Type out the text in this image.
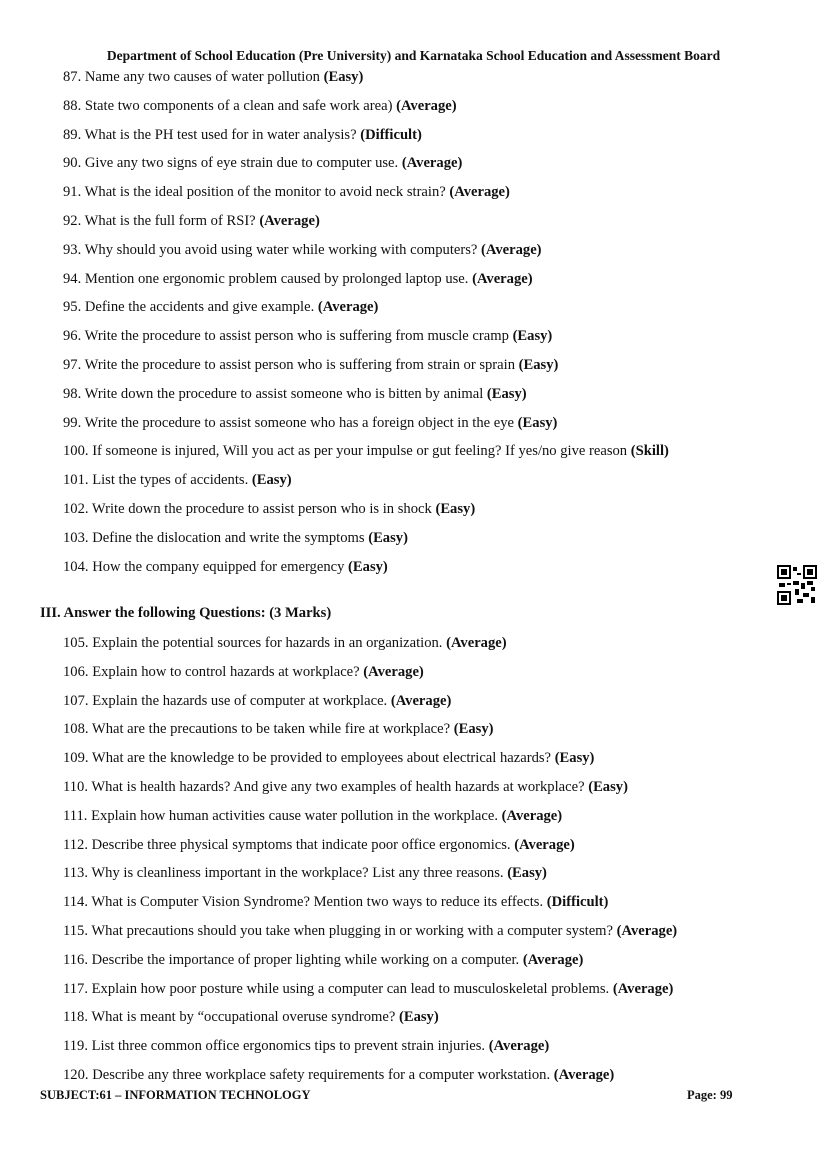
Department of School Education (Pre University) and Karnataka School Education and Assessment Board
87. Name any two causes of water pollution (Easy)
88. State two components of a clean and safe work area) (Average)
89. What is the PH test used for in water analysis? (Difficult)
90. Give any two signs of eye strain due to computer use. (Average)
91. What is the ideal position of the monitor to avoid neck strain? (Average)
92. What is the full form of RSI? (Average)
93. Why should you avoid using water while working with computers? (Average)
94. Mention one ergonomic problem caused by prolonged laptop use. (Average)
95. Define the accidents and give example. (Average)
96. Write the procedure to assist person who is suffering from muscle cramp (Easy)
97. Write the procedure to assist person who is suffering from strain or sprain (Easy)
98. Write down the procedure to assist someone who is bitten by animal (Easy)
99. Write the procedure to assist someone who has a foreign object in the eye (Easy)
100. If someone is injured, Will you act as per your impulse or gut feeling? If yes/no give reason (Skill)
101. List the types of accidents. (Easy)
102. Write down the procedure to assist person who is in shock (Easy)
103. Define the dislocation and write the symptoms (Easy)
104. How the company equipped for emergency (Easy)
III. Answer the following Questions: (3 Marks)
105. Explain the potential sources for hazards in an organization. (Average)
106. Explain how to control hazards at workplace? (Average)
107. Explain the hazards use of computer at workplace. (Average)
108. What are the precautions to be taken while fire at workplace? (Easy)
109. What are the knowledge to be provided to employees about electrical hazards? (Easy)
110. What is health hazards? And give any two examples of health hazards at workplace? (Easy)
111. Explain how human activities cause water pollution in the workplace. (Average)
112. Describe three physical symptoms that indicate poor office ergonomics. (Average)
113. Why is cleanliness important in the workplace? List any three reasons. (Easy)
114. What is Computer Vision Syndrome? Mention two ways to reduce its effects. (Difficult)
115. What precautions should you take when plugging in or working with a computer system? (Average)
116. Describe the importance of proper lighting while working on a computer. (Average)
117. Explain how poor posture while using a computer can lead to musculoskeletal problems. (Average)
118. What is meant by “occupational overuse syndrome? (Easy)
119. List three common office ergonomics tips to prevent strain injuries. (Average)
120. Describe any three workplace safety requirements for a computer workstation. (Average)
SUBJECT:61 – INFORMATION TECHNOLOGY	Page: 99
